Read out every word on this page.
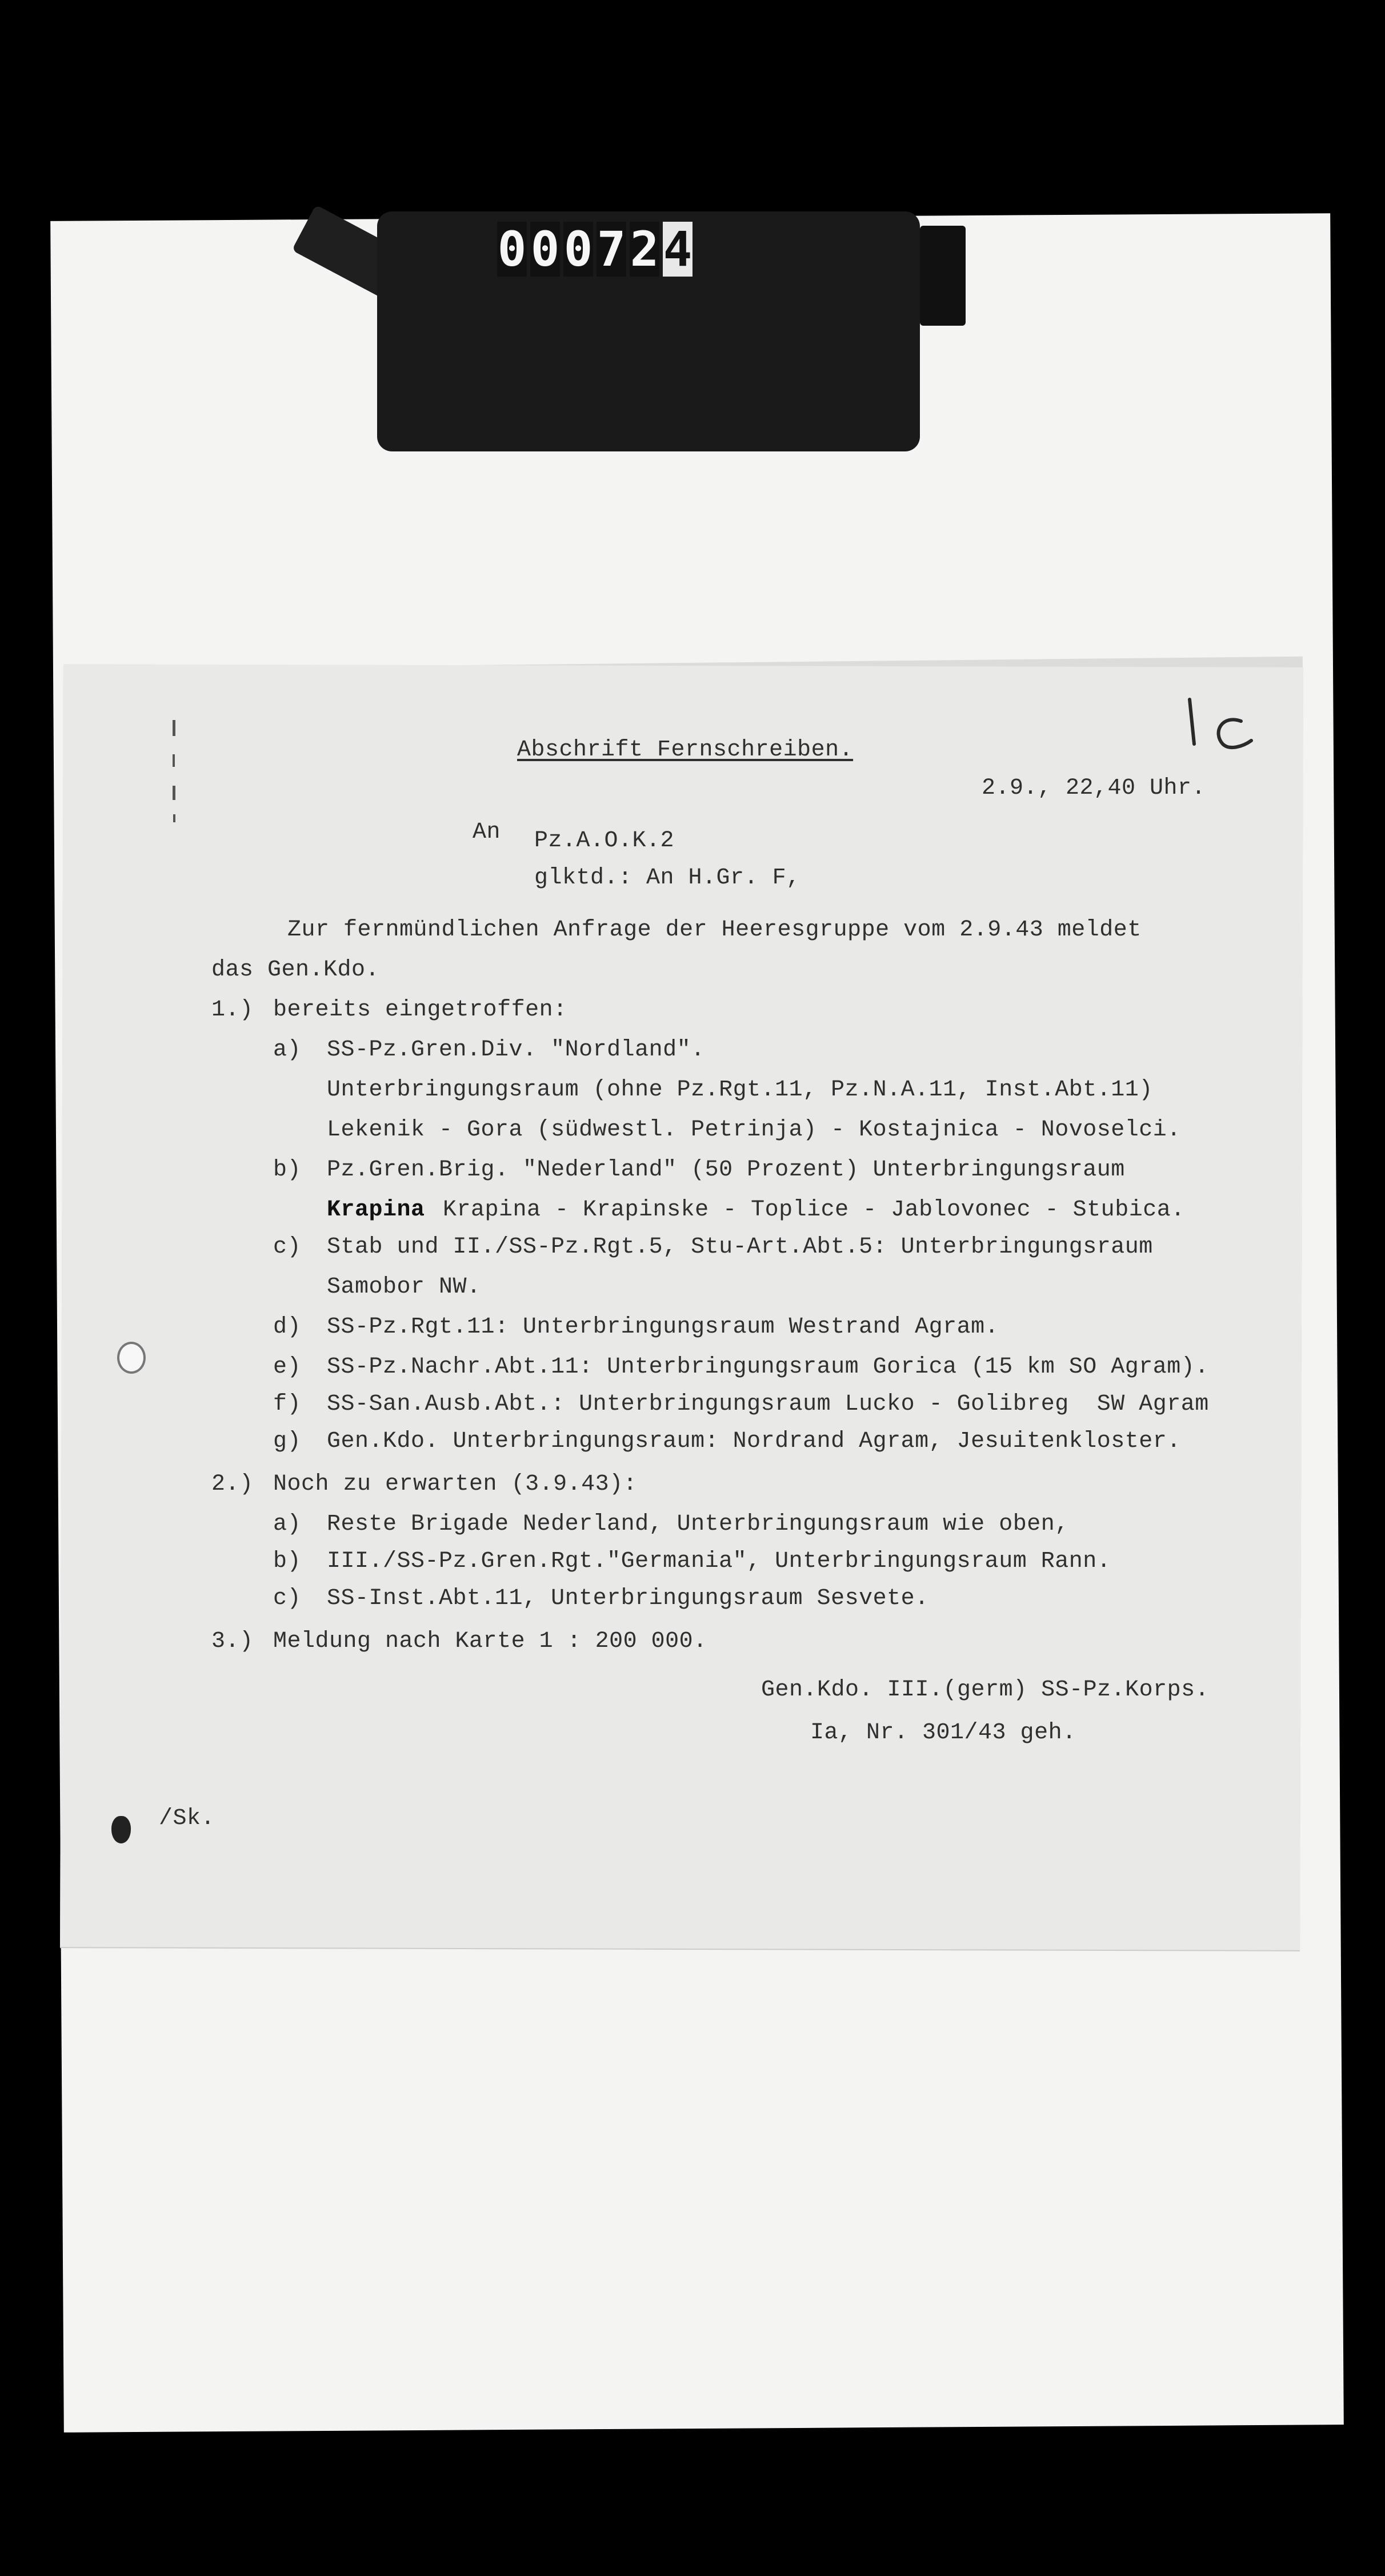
0 0 0 7 2 4
Abschrift Fernschreiben.
2.9., 22,40 Uhr.
An Pz.A.O.K.2
glktd.: An H.Gr. F,
Zur fernmündlichen Anfrage der Heeresgruppe vom 2.9.43 meldet
das Gen.Kdo.
1.) bereits eingetroffen:
a) SS-Pz.Gren.Div. "Nordland".
Unterbringungsraum (ohne Pz.Rgt.11, Pz.N.A.11, Inst.Abt.11)
Lekenik - Gora (südwestl. Petrinja) - Kostajnica - Novoselci.
b) Pz.Gren.Brig. "Nederland" (50 Prozent) Unterbringungsraum
Krapina Krapina - Krapinske - Toplice - Jablovonec - Stubica.
c) Stab und II./SS-Pz.Rgt.5, Stu-Art.Abt.5: Unterbringungsraum
Samobor NW.
d) SS-Pz.Rgt.11: Unterbringungsraum Westrand Agram.
e) SS-Pz.Nachr.Abt.11: Unterbringungsraum Gorica (15 km SO Agram).
f) SS-San.Ausb.Abt.: Unterbringungsraum Lucko - Golibreg  SW Agram
g) Gen.Kdo. Unterbringungsraum: Nordrand Agram, Jesuitenkloster.
2.) Noch zu erwarten (3.9.43):
a) Reste Brigade Nederland, Unterbringungsraum wie oben,
b) III./SS-Pz.Gren.Rgt."Germania", Unterbringungsraum Rann.
c) SS-Inst.Abt.11, Unterbringungsraum Sesvete.
3.) Meldung nach Karte 1 : 200 000.
Gen.Kdo. III.(germ) SS-Pz.Korps.
Ia, Nr. 301/43 geh.
/Sk.
